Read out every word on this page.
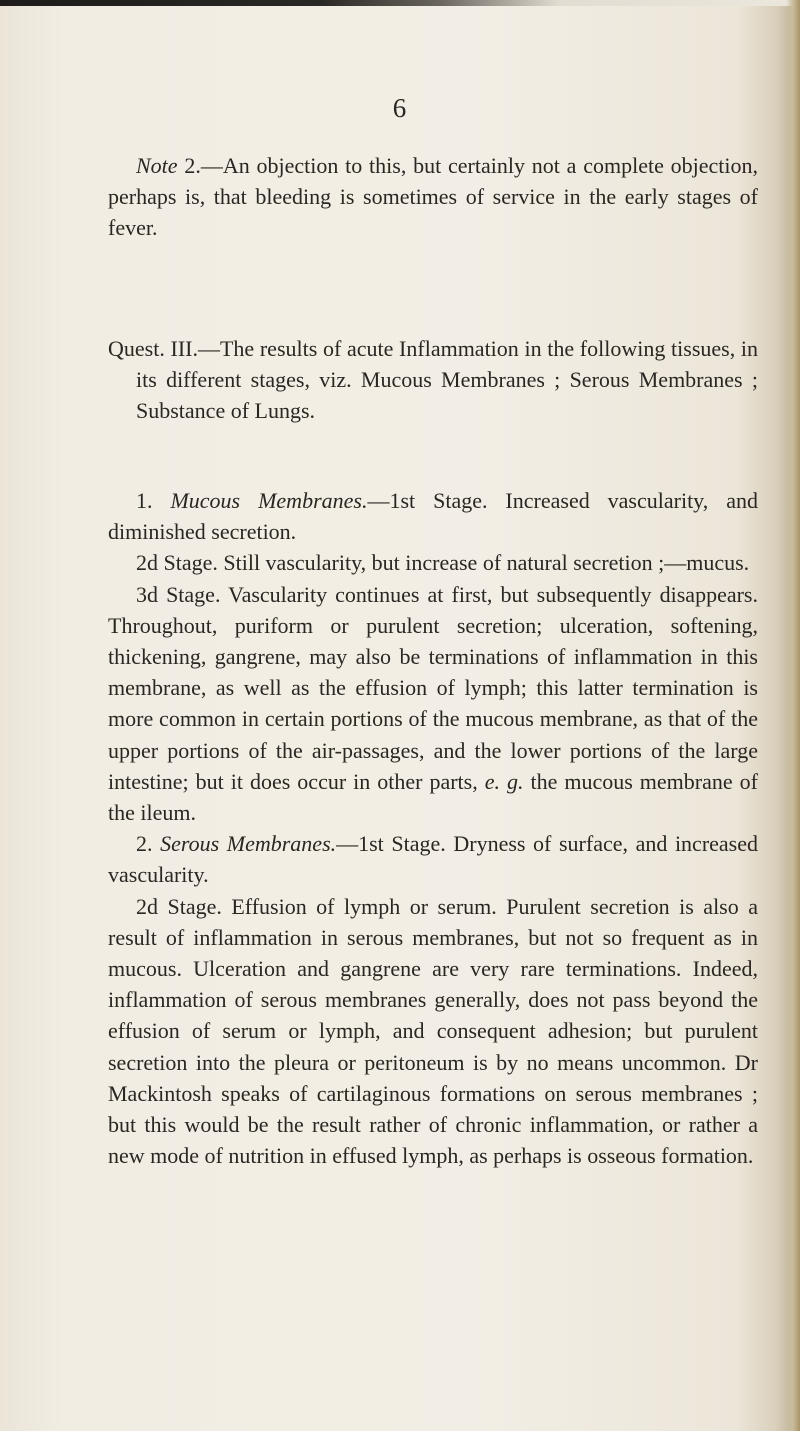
6

Note 2.—An objection to this, but certainly not a complete objection, perhaps is, that bleeding is sometimes of service in the early stages of fever.

Quest. III.—The results of acute Inflammation in the following tissues, in its different stages, viz. Mucous Membranes ; Serous Membranes ; Substance of Lungs.

1. Mucous Membranes.—1st Stage. Increased vascularity, and diminished secretion.

2d Stage. Still vascularity, but increase of natural secretion ;—mucus.

3d Stage. Vascularity continues at first, but subsequently disappears. Throughout, puriform or purulent secretion; ulceration, softening, thickening, gangrene, may also be terminations of inflammation in this membrane, as well as the effusion of lymph; this latter termination is more common in certain portions of the mucous membrane, as that of the upper portions of the air-passages, and the lower portions of the large intestine; but it does occur in other parts, e. g. the mucous membrane of the ileum.

2. Serous Membranes.—1st Stage. Dryness of surface, and increased vascularity.

2d Stage. Effusion of lymph or serum. Purulent secretion is also a result of inflammation in serous membranes, but not so frequent as in mucous. Ulceration and gangrene are very rare terminations. Indeed, inflammation of serous membranes generally, does not pass beyond the effusion of serum or lymph, and consequent adhesion; but purulent secretion into the pleura or peritoneum is by no means uncommon. Dr Mackintosh speaks of cartilaginous formations on serous membranes ; but this would be the result rather of chronic inflammation, or rather a new mode of nutrition in effused lymph, as perhaps is osseous formation.
